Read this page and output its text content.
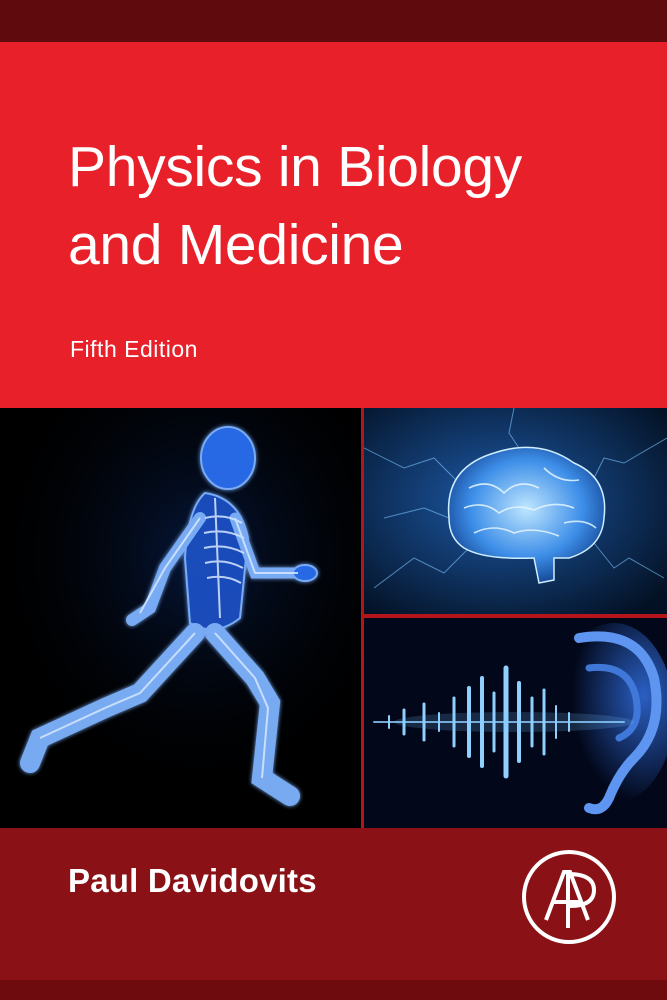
Physics in Biology
and Medicine
Fifth Edition
Paul Davidovits
